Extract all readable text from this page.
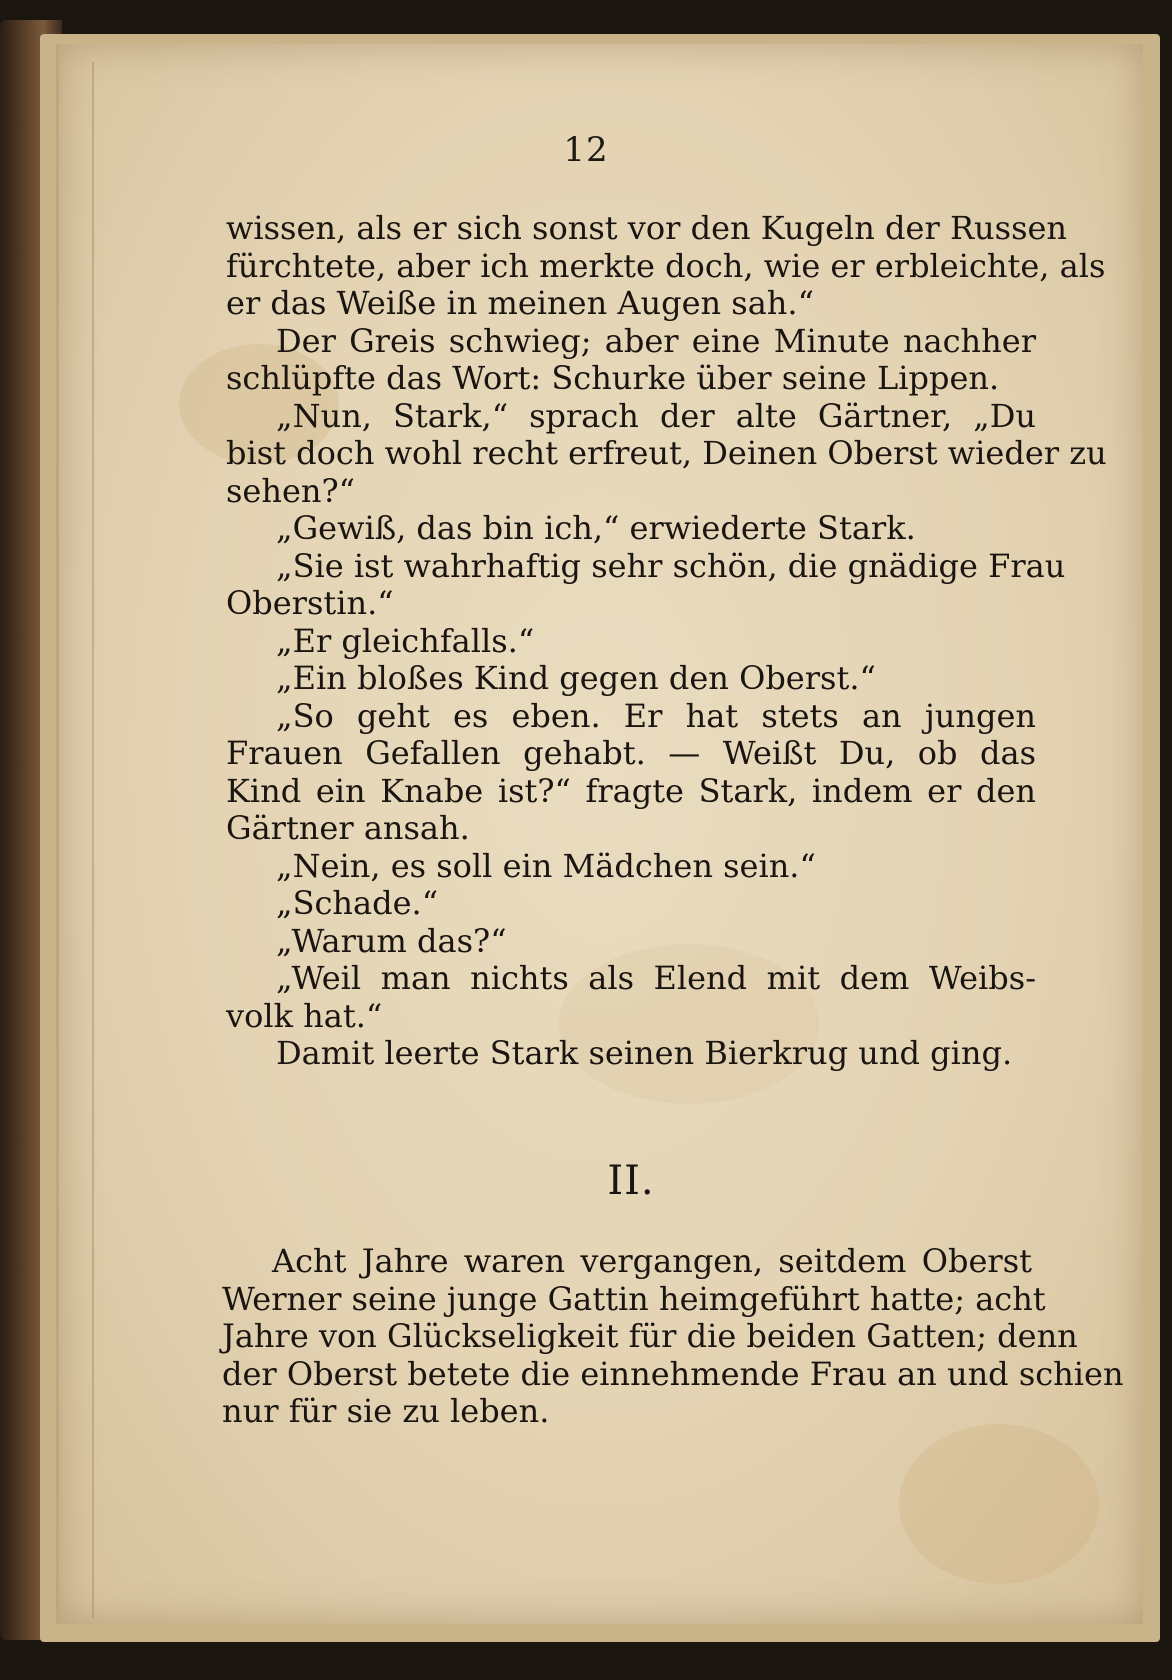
12
wissen, als er sich sonst vor den Kugeln der Russen
fürchtete, aber ich merkte doch, wie er erbleichte, als
er das Weiße in meinen Augen sah.“
Der Greis schwieg; aber eine Minute nachher
schlüpfte das Wort: Schurke über seine Lippen.
„Nun, Stark,“ sprach der alte Gärtner, „Du
bist doch wohl recht erfreut, Deinen Oberst wieder zu
sehen?“
„Gewiß, das bin ich,“ erwiederte Stark.
„Sie ist wahrhaftig sehr schön, die gnädige Frau
Oberstin.“
„Er gleichfalls.“
„Ein bloßes Kind gegen den Oberst.“
„So geht es eben. Er hat stets an jungen
Frauen Gefallen gehabt. — Weißt Du, ob das
Kind ein Knabe ist?“ fragte Stark, indem er den
Gärtner ansah.
„Nein, es soll ein Mädchen sein.“
„Schade.“
„Warum das?“
„Weil man nichts als Elend mit dem Weibs-
volk hat.“
Damit leerte Stark seinen Bierkrug und ging.
II.
Acht Jahre waren vergangen, seitdem Oberst
Werner seine junge Gattin heimgeführt hatte; acht
Jahre von Glückseligkeit für die beiden Gatten; denn
der Oberst betete die einnehmende Frau an und schien
nur für sie zu leben.
